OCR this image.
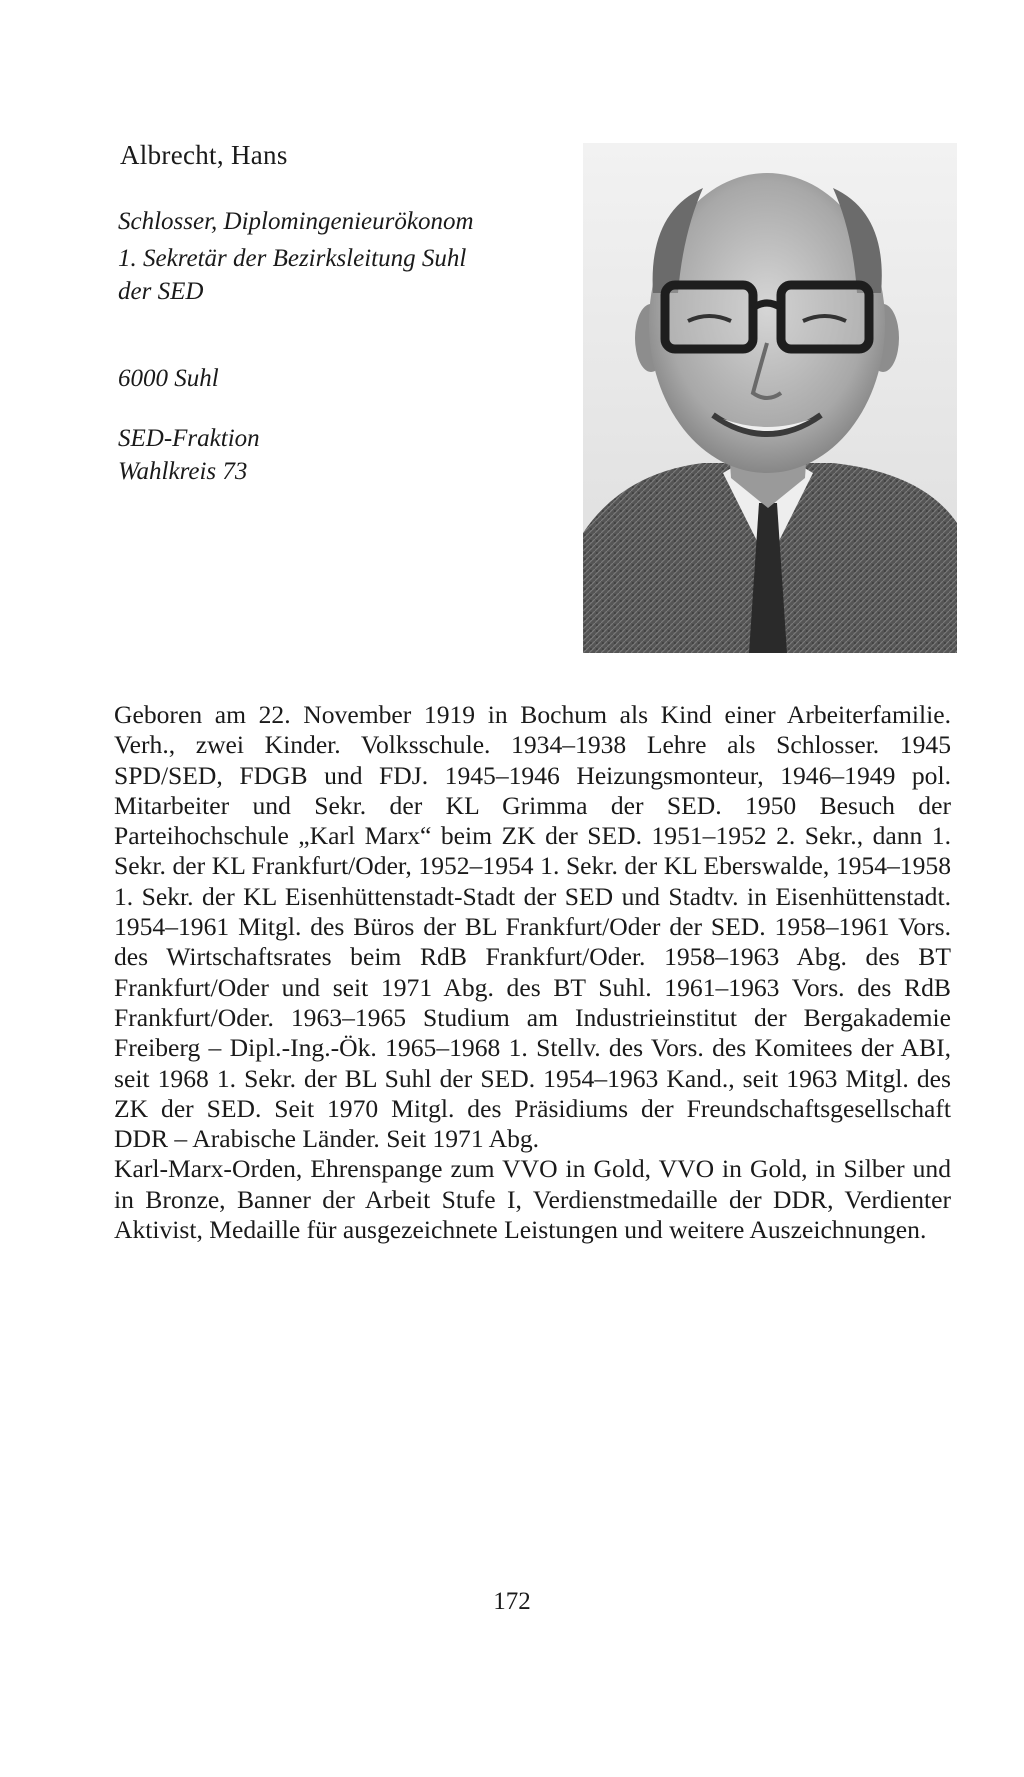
Albrecht, Hans
Schlosser, Diplomingenieurökonom
1. Sekretär der Bezirksleitung Suhl
der SED
6000 Suhl
SED-Fraktion
Wahlkreis 73

Geboren am 22. November 1919 in Bochum als Kind einer Arbeiterfamilie. Verh., zwei Kinder. Volksschule. 1934–1938 Lehre als Schlosser. 1945 SPD/SED, FDGB und FDJ. 1945–1946 Heizungsmonteur, 1946–1949 pol. Mitarbeiter und Sekr. der KL Grimma der SED. 1950 Besuch der Parteihochschule „Karl Marx“ beim ZK der SED. 1951–1952 2. Sekr., dann 1. Sekr. der KL Frankfurt/Oder, 1952–1954 1. Sekr. der KL Eberswalde, 1954–1958 1. Sekr. der KL Eisenhüttenstadt-Stadt der SED und Stadtv. in Eisenhüttenstadt. 1954–1961 Mitgl. des Büros der BL Frankfurt/Oder der SED. 1958–1961 Vors. des Wirtschaftsrates beim RdB Frankfurt/Oder. 1958–1963 Abg. des BT Frankfurt/Oder und seit 1971 Abg. des BT Suhl. 1961–1963 Vors. des RdB Frankfurt/Oder. 1963–1965 Studium am Industrieinstitut der Bergakademie Freiberg – Dipl.-Ing.-Ök. 1965–1968 1. Stellv. des Vors. des Komitees der ABI, seit 1968 1. Sekr. der BL Suhl der SED. 1954–1963 Kand., seit 1963 Mitgl. des ZK der SED. Seit 1970 Mitgl. des Präsidiums der Freundschaftsgesellschaft DDR – Arabische Länder. Seit 1971 Abg.

Karl-Marx-Orden, Ehrenspange zum VVO in Gold, VVO in Gold, in Silber und in Bronze, Banner der Arbeit Stufe I, Verdienstmedaille der DDR, Verdienter Aktivist, Medaille für ausgezeichnete Leistungen und weitere Auszeichnungen.

172
